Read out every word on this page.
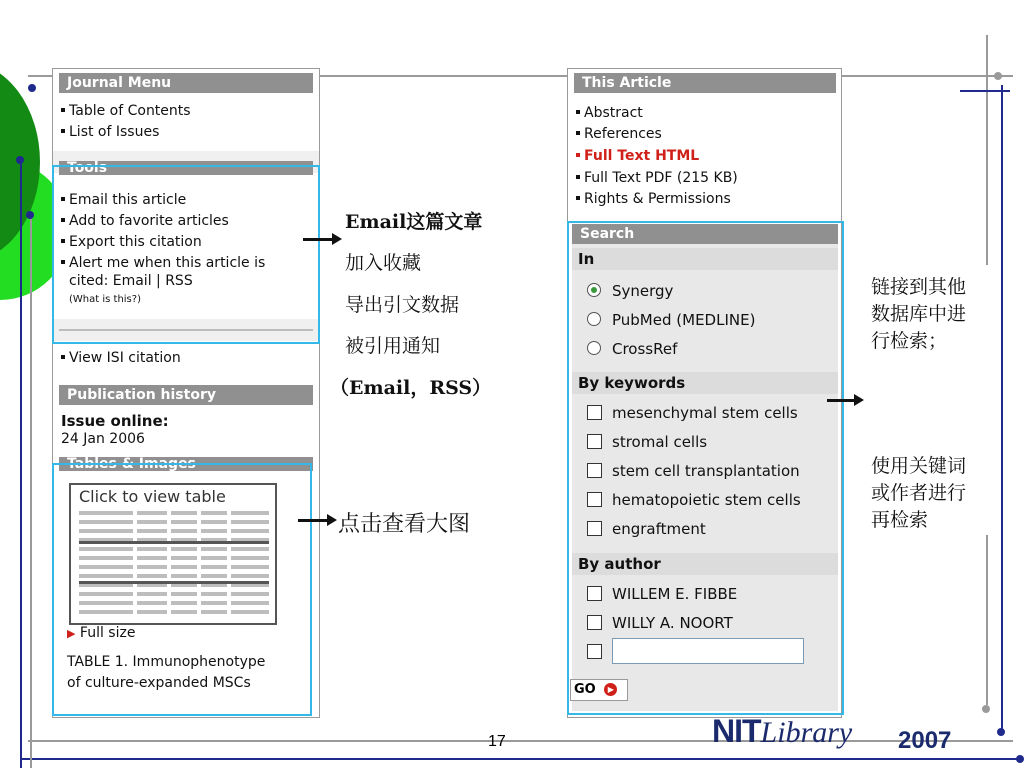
Journal Menu
Table of Contents
List of Issues
Tools
Email this article
Add to favorite articles
Export this citation
Alert me when this article is
cited: Email | RSS
(What is this?)
View ISI citation
Publication history
Issue online:
24 Jan 2006
Tables & Images
Click to view table
▶ Full size
TABLE 1. Immunophenotype
of culture-expanded MSCs
Email这篇文章
加入收藏
导出引文数据
被引用通知
（Email，RSS）
点击查看大图
This Article
Abstract
References
Full Text HTML
Full Text PDF (215 KB)
Rights & Permissions
Search
In
Synergy
PubMed (MEDLINE)
CrossRef
By keywords
mesenchymal stem cells
stromal cells
stem cell transplantation
hematopoietic stem cells
engraftment
By author
WILLEM E. FIBBE
WILLY A. NOORT
GO ▶
链接到其他
数据库中进
行检索；
使用关键词
或作者进行
再检索
17	NITLibrary 2007
